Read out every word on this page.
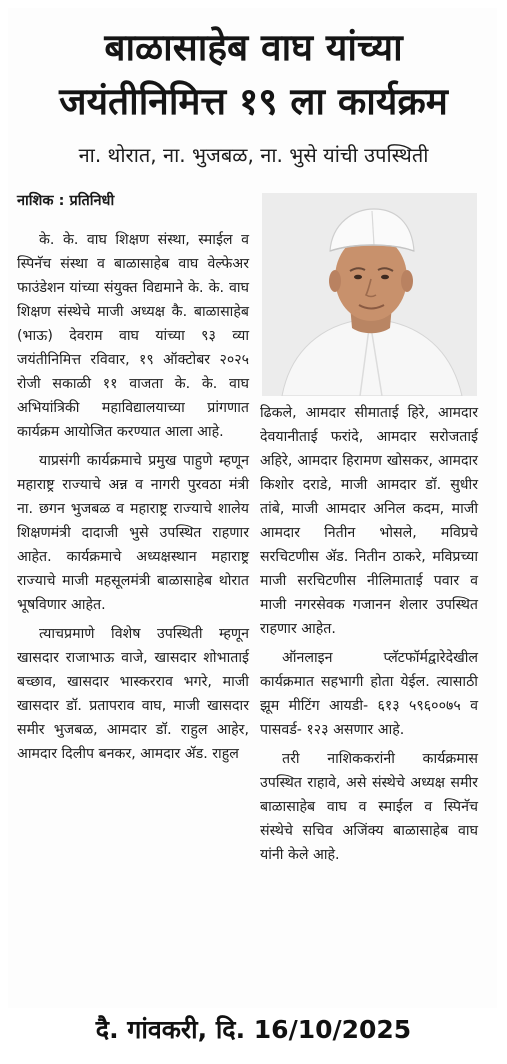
बाळासाहेब वाघ यांच्या
जयंतीनिमित्त १९ ला कार्यक्रम
ना. थोरात, ना. भुजबळ, ना. भुसे यांची उपस्थिती
नाशिक : प्रतिनिधी

के. के. वाघ शिक्षण संस्था, स्माईल व स्पिनॅच संस्था व बाळासाहेब वाघ वेल्फेअर फाउंडेशन यांच्या संयुक्त विद्यमाने के. के. वाघ शिक्षण संस्थेचे माजी अध्यक्ष कै. बाळासाहेब (भाऊ) देवराम वाघ यांच्या ९३ व्या जयंतीनिमित्त रविवार, १९ ऑक्टोबर २०२५ रोजी सकाळी ११ वाजता के. के. वाघ अभियांत्रिकी महाविद्यालयाच्या प्रांगणात कार्यक्रम आयोजित करण्यात आला आहे.

याप्रसंगी कार्यक्रमाचे प्रमुख पाहुणे म्हणून महाराष्ट्र राज्याचे अन्न व नागरी पुरवठा मंत्री ना. छगन भुजबळ व महाराष्ट्र राज्याचे शालेय शिक्षणमंत्री दादाजी भुसे उपस्थित राहणार आहेत. कार्यक्रमाचे अध्यक्षस्थान महाराष्ट्र राज्याचे माजी महसूलमंत्री बाळासाहेब थोरात भूषविणार आहेत.

त्याचप्रमाणे विशेष उपस्थिती म्हणून खासदार राजाभाऊ वाजे, खासदार शोभाताई बच्छाव, खासदार भास्करराव भगरे, माजी खासदार डॉ. प्रतापराव वाघ, माजी खासदार समीर भुजबळ, आमदार डॉ. राहुल आहेर, आमदार दिलीप बनकर, आमदार ॲड. राहुल

ढिकले, आमदार सीमाताई हिरे, आमदार देवयानीताई फरांदे, आमदार सरोजताई अहिरे, आमदार हिरामण खोसकर, आमदार किशोर दराडे, माजी आमदार डॉ. सुधीर तांबे, माजी आमदार अनिल कदम, माजी आमदार नितीन भोसले, मविप्रचे सरचिटणीस ॲड. नितीन ठाकरे, मविप्रच्या माजी सरचिटणीस नीलिमाताई पवार व माजी नगरसेवक गजानन शेलार उपस्थित राहणार आहेत.

ऑनलाइन प्लॅटफॉर्मद्वारेदेखील कार्यक्रमात सहभागी होता येईल. त्यासाठी झूम मीटिंग आयडी- ६१३ ५९६००७५ व पासवर्ड- १२३ असणार आहे.

तरी नाशिककरांनी कार्यक्रमास उपस्थित राहावे, असे संस्थेचे अध्यक्ष समीर बाळासाहेब वाघ व स्माईल व स्पिनॅच संस्थेचे सचिव अजिंक्य बाळासाहेब वाघ यांनी केले आहे.

दै. गांवकरी, दि. 16/10/2025
